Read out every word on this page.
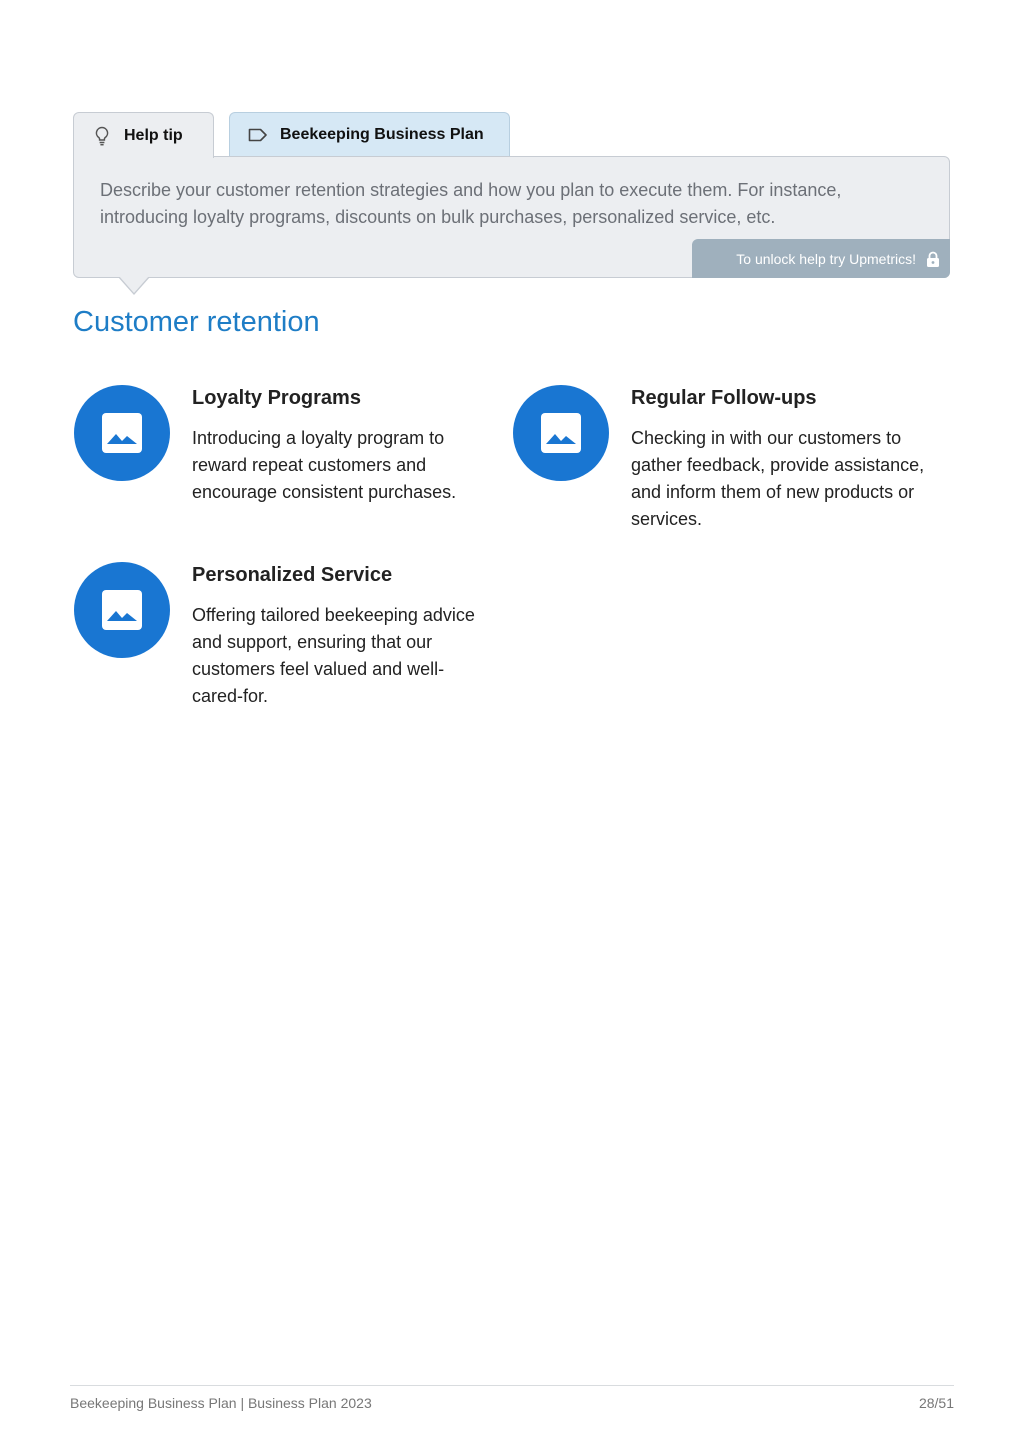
Help tip	Beekeeping Business Plan
Describe your customer retention strategies and how you plan to execute them. For instance, introducing loyalty programs, discounts on bulk purchases, personalized service, etc.
To unlock help try Upmetrics!
Customer retention
Loyalty Programs

Introducing a loyalty program to reward repeat customers and encourage consistent purchases.

Regular Follow-ups

Checking in with our customers to gather feedback, provide assistance, and inform them of new products or services.

Personalized Service

Offering tailored beekeeping advice and support, ensuring that our customers feel valued and well-cared-for.

Beekeeping Business Plan | Business Plan 2023	28/51
